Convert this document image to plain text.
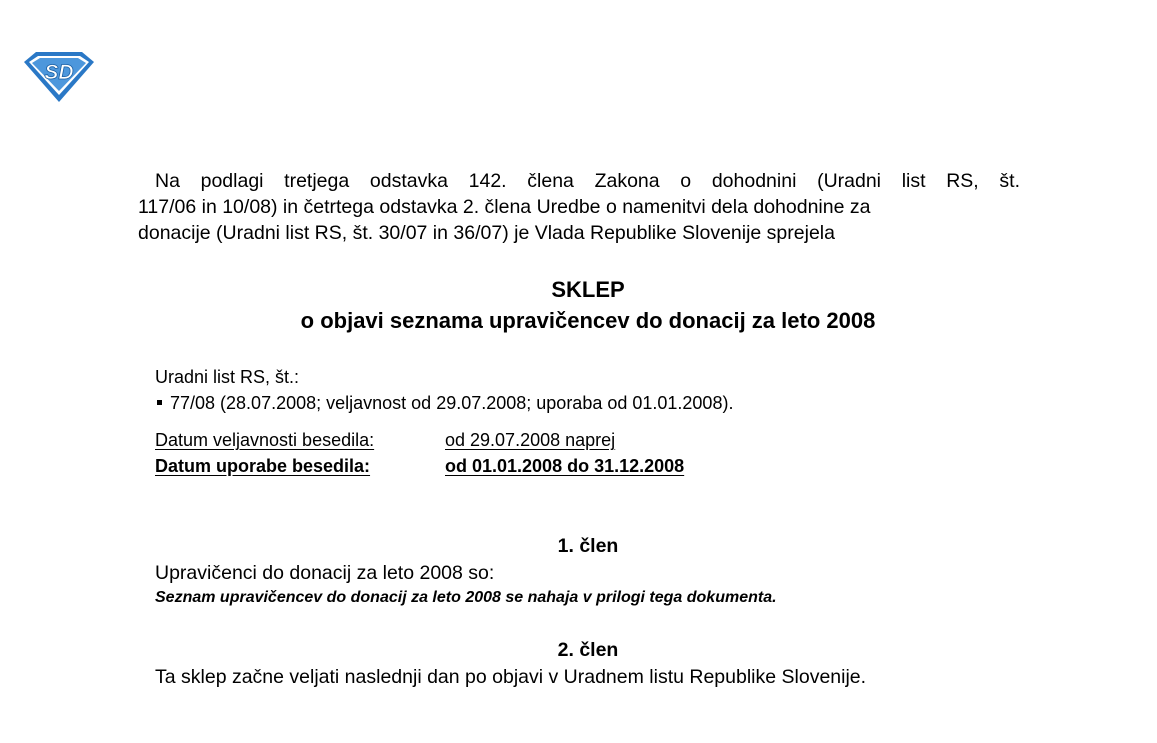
SD
Na podlagi tretjega odstavka 142. člena Zakona o dohodnini (Uradni list RS, št.
117/06 in 10/08) in četrtega odstavka 2. člena Uredbe o namenitvi dela dohodnine za
donacije (Uradni list RS, št. 30/07 in 36/07) je Vlada Republike Slovenije sprejela
SKLEP
o objavi seznama upravičencev do donacij za leto 2008
Uradni list RS, št.:
77/08 (28.07.2008; veljavnost od 29.07.2008; uporaba od 01.01.2008).
Datum veljavnosti besedila:	od 29.07.2008 naprej
Datum uporabe besedila:	od 01.01.2008 do 31.12.2008
1. člen
Upravičenci do donacij za leto 2008 so:
Seznam upravičencev do donacij za leto 2008 se nahaja v prilogi tega dokumenta.
2. člen
Ta sklep začne veljati naslednji dan po objavi v Uradnem listu Republike Slovenije.
